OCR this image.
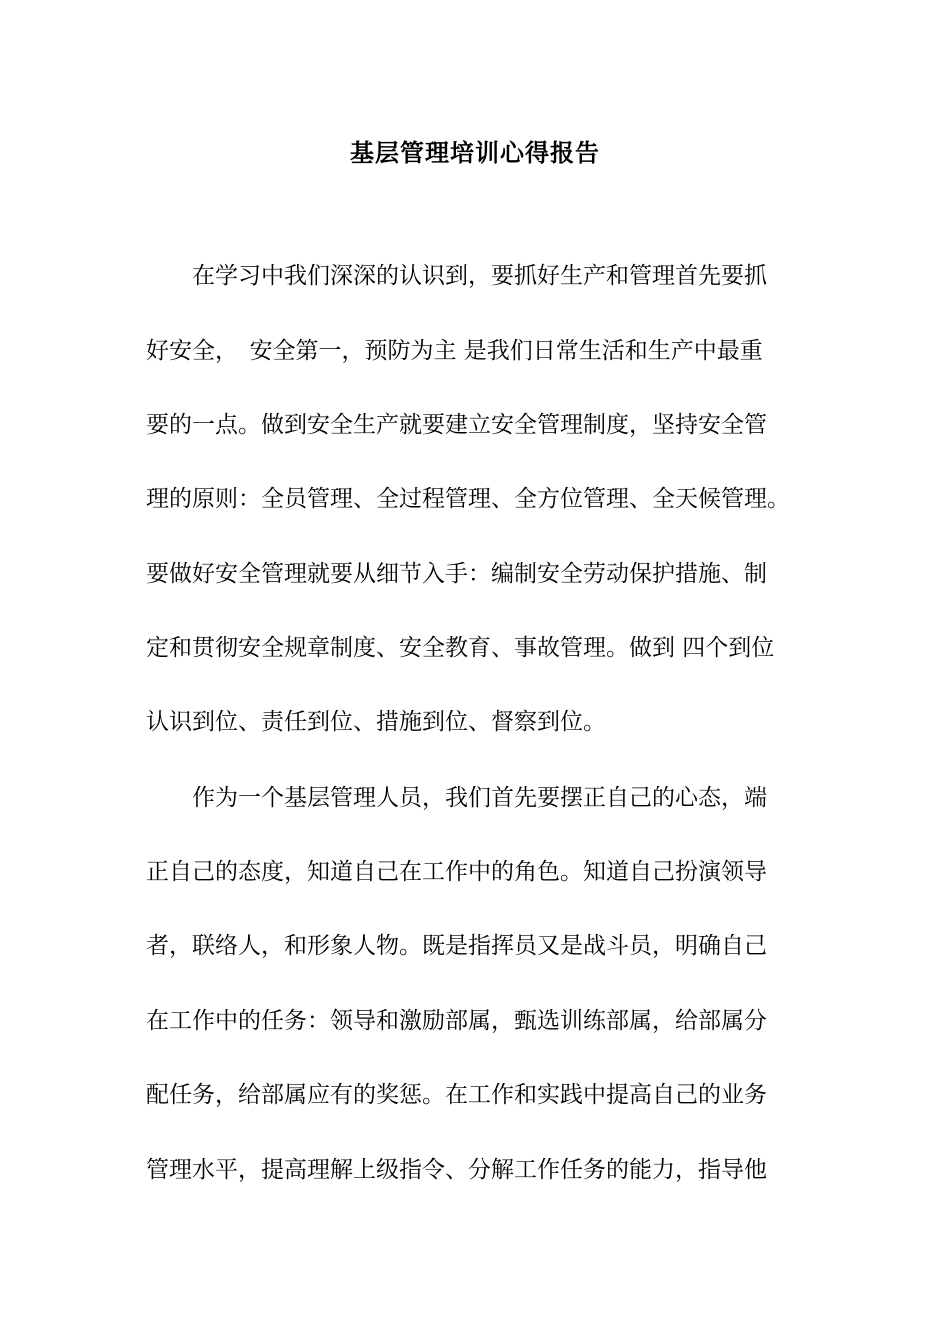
基层管理培训心得报告
　　在学习中我们深深的认识到，要抓好生产和管理首先要抓
好安全，　安全第一，预防为主 是我们日常生活和生产中最重
要的一点。做到安全生产就要建立安全管理制度，坚持安全管
理的原则：全员管理、全过程管理、全方位管理、全天候管理。
要做好安全管理就要从细节入手：编制安全劳动保护措施、制
定和贯彻安全规章制度、安全教育、事故管理。做到 四个到位
认识到位、责任到位、措施到位、督察到位。
　　作为一个基层管理人员，我们首先要摆正自己的心态，端
正自己的态度，知道自己在工作中的角色。知道自己扮演领导
者，联络人，和形象人物。既是指挥员又是战斗员，明确自己
在工作中的任务：领导和激励部属，甄选训练部属，给部属分
配任务，给部属应有的奖惩。在工作和实践中提高自己的业务
管理水平，提高理解上级指令、分解工作任务的能力，指导他
